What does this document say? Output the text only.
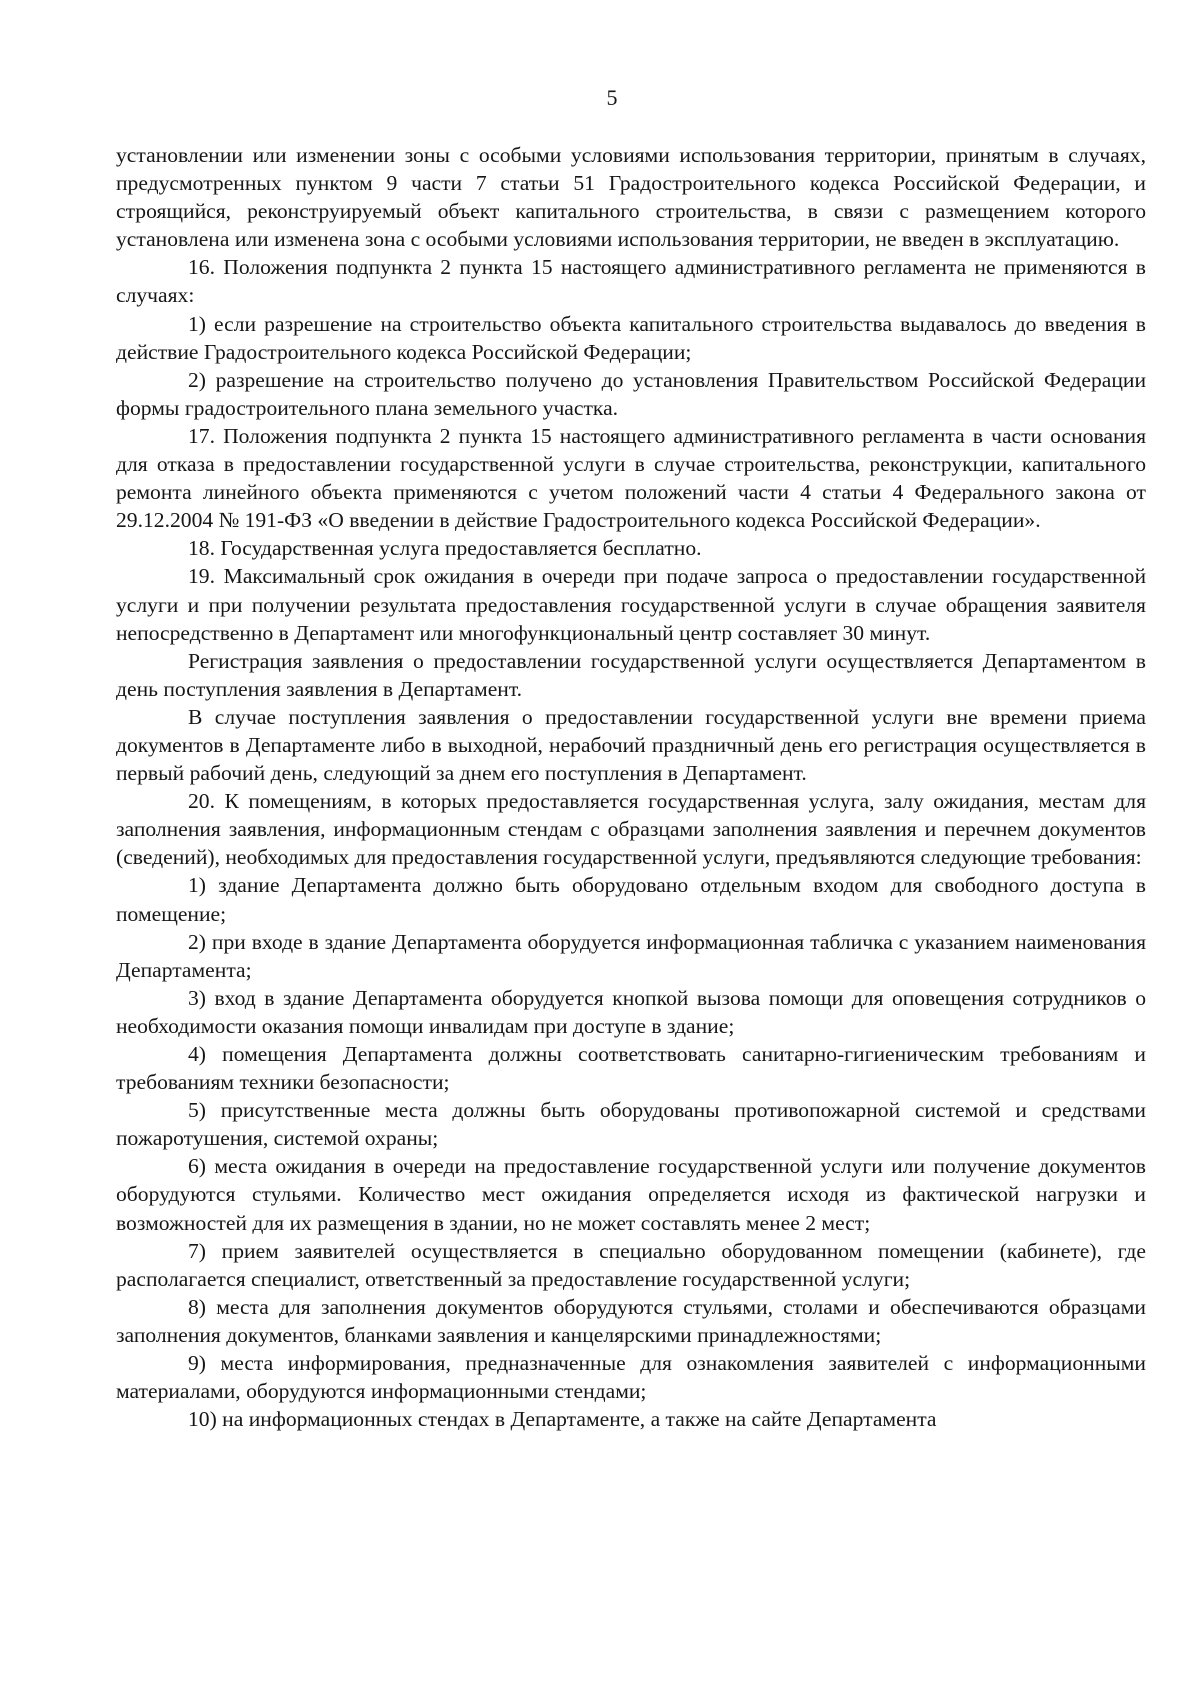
5

установлении или изменении зоны с особыми условиями использования территории, принятым в случаях, предусмотренных пунктом 9 части 7 статьи 51 Градостроительного кодекса Российской Федерации, и строящийся, реконструируемый объект капитального строительства, в связи с размещением которого установлена или изменена зона с особыми условиями использования территории, не введен в эксплуатацию.

16. Положения подпункта 2 пункта 15 настоящего административного регламента не применяются в случаях:

1) если разрешение на строительство объекта капитального строительства выдавалось до введения в действие Градостроительного кодекса Российской Федерации;

2) разрешение на строительство получено до установления Правительством Российской Федерации формы градостроительного плана земельного участка.

17. Положения подпункта 2 пункта 15 настоящего административного регламента в части основания для отказа в предоставлении государственной услуги в случае строительства, реконструкции, капитального ремонта линейного объекта применяются с учетом положений части 4 статьи 4 Федерального закона от 29.12.2004 № 191-ФЗ «О введении в действие Градостроительного кодекса Российской Федерации».

18. Государственная услуга предоставляется бесплатно.

19. Максимальный срок ожидания в очереди при подаче запроса о предоставлении государственной услуги и при получении результата предоставления государственной услуги в случае обращения заявителя непосредственно в Департамент или многофункциональный центр составляет 30 минут.

Регистрация заявления о предоставлении государственной услуги осуществляется Департаментом в день поступления заявления в Департамент.

В случае поступления заявления о предоставлении государственной услуги вне времени приема документов в Департаменте либо в выходной, нерабочий праздничный день его регистрация осуществляется в первый рабочий день, следующий за днем его поступления в Департамент.

20. К помещениям, в которых предоставляется государственная услуга, залу ожидания, местам для заполнения заявления, информационным стендам с образцами заполнения заявления и перечнем документов (сведений), необходимых для предоставления государственной услуги, предъявляются следующие требования:

1) здание Департамента должно быть оборудовано отдельным входом для свободного доступа в помещение;

2) при входе в здание Департамента оборудуется информационная табличка с указанием наименования Департамента;

3) вход в здание Департамента оборудуется кнопкой вызова помощи для оповещения сотрудников о необходимости оказания помощи инвалидам при доступе в здание;

4) помещения Департамента должны соответствовать санитарно-гигиеническим требованиям и требованиям техники безопасности;

5) присутственные места должны быть оборудованы противопожарной системой и средствами пожаротушения, системой охраны;

6) места ожидания в очереди на предоставление государственной услуги или получение документов оборудуются стульями. Количество мест ожидания определяется исходя из фактической нагрузки и возможностей для их размещения в здании, но не может составлять менее 2 мест;

7) прием заявителей осуществляется в специально оборудованном помещении (кабинете), где располагается специалист, ответственный за предоставление государственной услуги;

8) места для заполнения документов оборудуются стульями, столами и обеспечиваются образцами заполнения документов, бланками заявления и канцелярскими принадлежностями;

9) места информирования, предназначенные для ознакомления заявителей с информационными материалами, оборудуются информационными стендами;

10) на информационных стендах в Департаменте, а также на сайте Департамента
